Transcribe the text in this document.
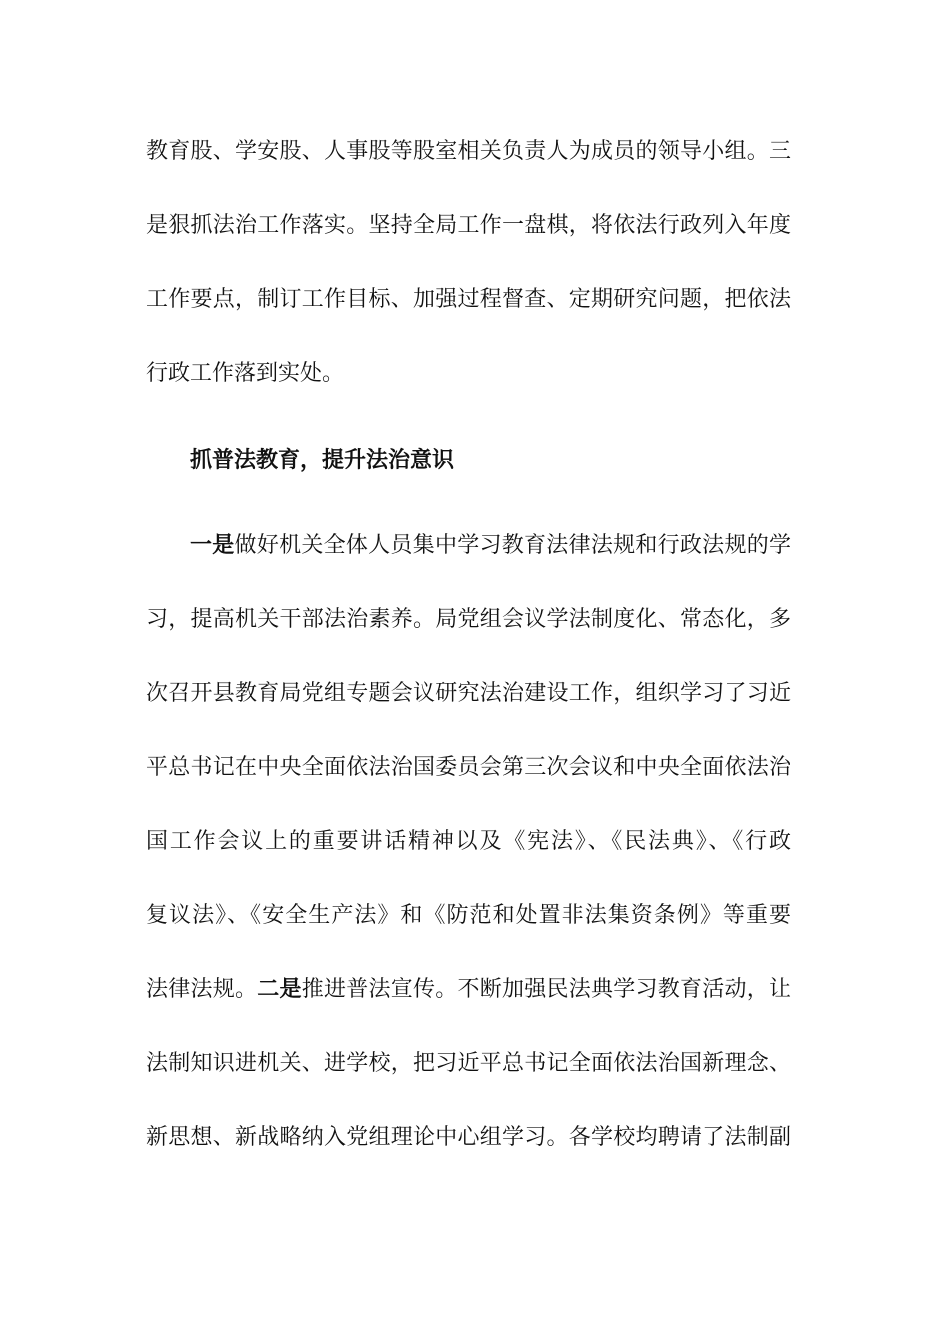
教育股、学安股、人事股等股室相关负责人为成员的领导小组。三
是狠抓法治工作落实。坚持全局工作一盘棋，将依法行政列入年度
工作要点，制订工作目标、加强过程督查、定期研究问题，把依法
行政工作落到实处。
抓普法教育，提升法治意识
一是做好机关全体人员集中学习教育法律法规和行政法规的学
习，提高机关干部法治素养。局党组会议学法制度化、常态化，多
次召开县教育局党组专题会议研究法治建设工作，组织学习了习近
平总书记在中央全面依法治国委员会第三次会议和中央全面依法治
国工作会议上的重要讲话精神以及《宪法》、《民法典》、《行政
复议法》、《安全生产法》和《防范和处置非法集资条例》等重要
法律法规。二是推进普法宣传。不断加强民法典学习教育活动，让
法制知识进机关、进学校，把习近平总书记全面依法治国新理念、
新思想、新战略纳入党组理论中心组学习。各学校均聘请了法制副
